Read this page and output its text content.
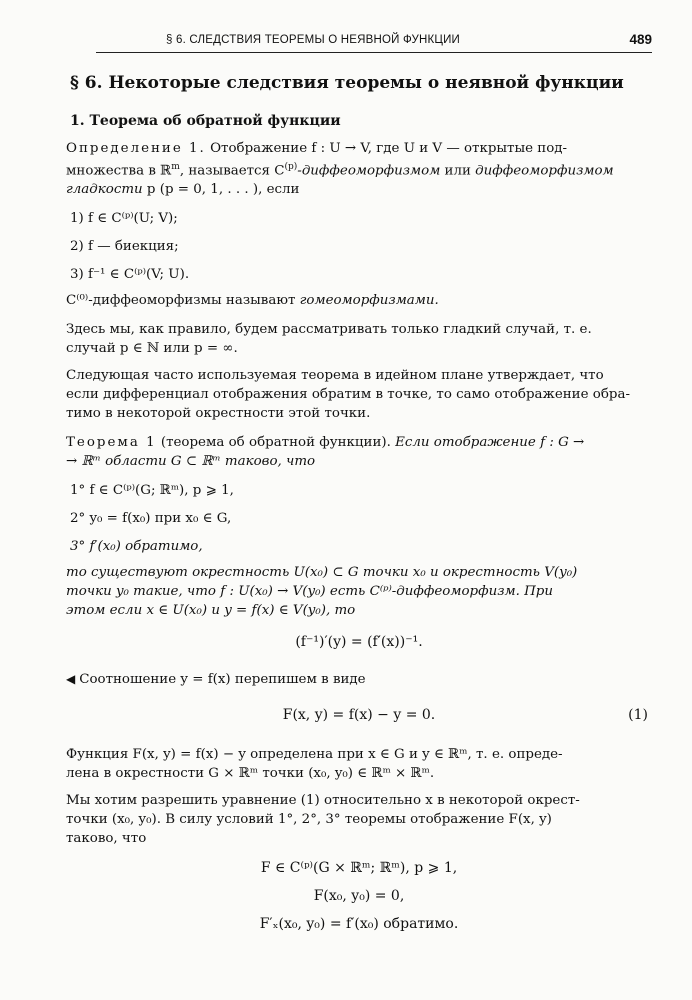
§ 6. СЛЕДСТВИЯ ТЕОРЕМЫ О НЕЯВНОЙ ФУНКЦИИ	489
§ 6. Некоторые следствия теоремы о неявной функции
1. Теорема об обратной функции

Определение 1. Отображение f : U → V, где U и V — открытые под-

множества в ℝ$^m$, называется $C^{(p)}$-диффеоморфизмом или диффеоморфизмом

гладкости p (p = 0, 1, . . . ), если

1) f ∈ C⁽ᵖ⁾(U; V);
2) f — биекция;
3) f⁻¹ ∈ C⁽ᵖ⁾(V; U).

C⁽⁰⁾-диффеоморфизмы называют гомеоморфизмами.

Здесь мы, как правило, будем рассматривать только гладкий случай, т. е.

случай p ∈ ℕ или p = ∞.

Следующая часто используемая теорема в идейном плане утверждает, что

если дифференциал отображения обратим в точке, то само отображение обра-

тимо в некоторой окрестности этой точки.

Теорема 1 (теорема об обратной функции). Если отображение f : G →

→ ℝᵐ области G ⊂ ℝᵐ таково, что

1° f ∈ C⁽ᵖ⁾(G; ℝᵐ), p ⩾ 1,
2° y₀ = f(x₀) при x₀ ∈ G,
3° f′(x₀) обратимо,

то существуют окрестность U(x₀) ⊂ G точки x₀ и окрестность V(y₀)

точки y₀ такие, что f : U(x₀) → V(y₀) есть C⁽ᵖ⁾-диффеоморфизм. При

этом если x ∈ U(x₀) и y = f(x) ∈ V(y₀), то

(f⁻¹)′(y) = (f′(x))⁻¹.

◀ Соотношение y = f(x) перепишем в виде

F(x, y) = f(x) − y = 0.	(1)

Функция F(x, y) = f(x) − y определена при x ∈ G и y ∈ ℝᵐ, т. е. опреде-

лена в окрестности G × ℝᵐ точки (x₀, y₀) ∈ ℝᵐ × ℝᵐ.

Мы хотим разрешить уравнение (1) относительно x в некоторой окрест-

точки (x₀, y₀). В силу условий 1°, 2°, 3° теоремы отображение F(x, y)

таково, что

F ∈ C⁽ᵖ⁾(G × ℝᵐ; ℝᵐ), p ⩾ 1,
F(x₀, y₀) = 0,
F′ₓ(x₀, y₀) = f′(x₀) обратимо.
